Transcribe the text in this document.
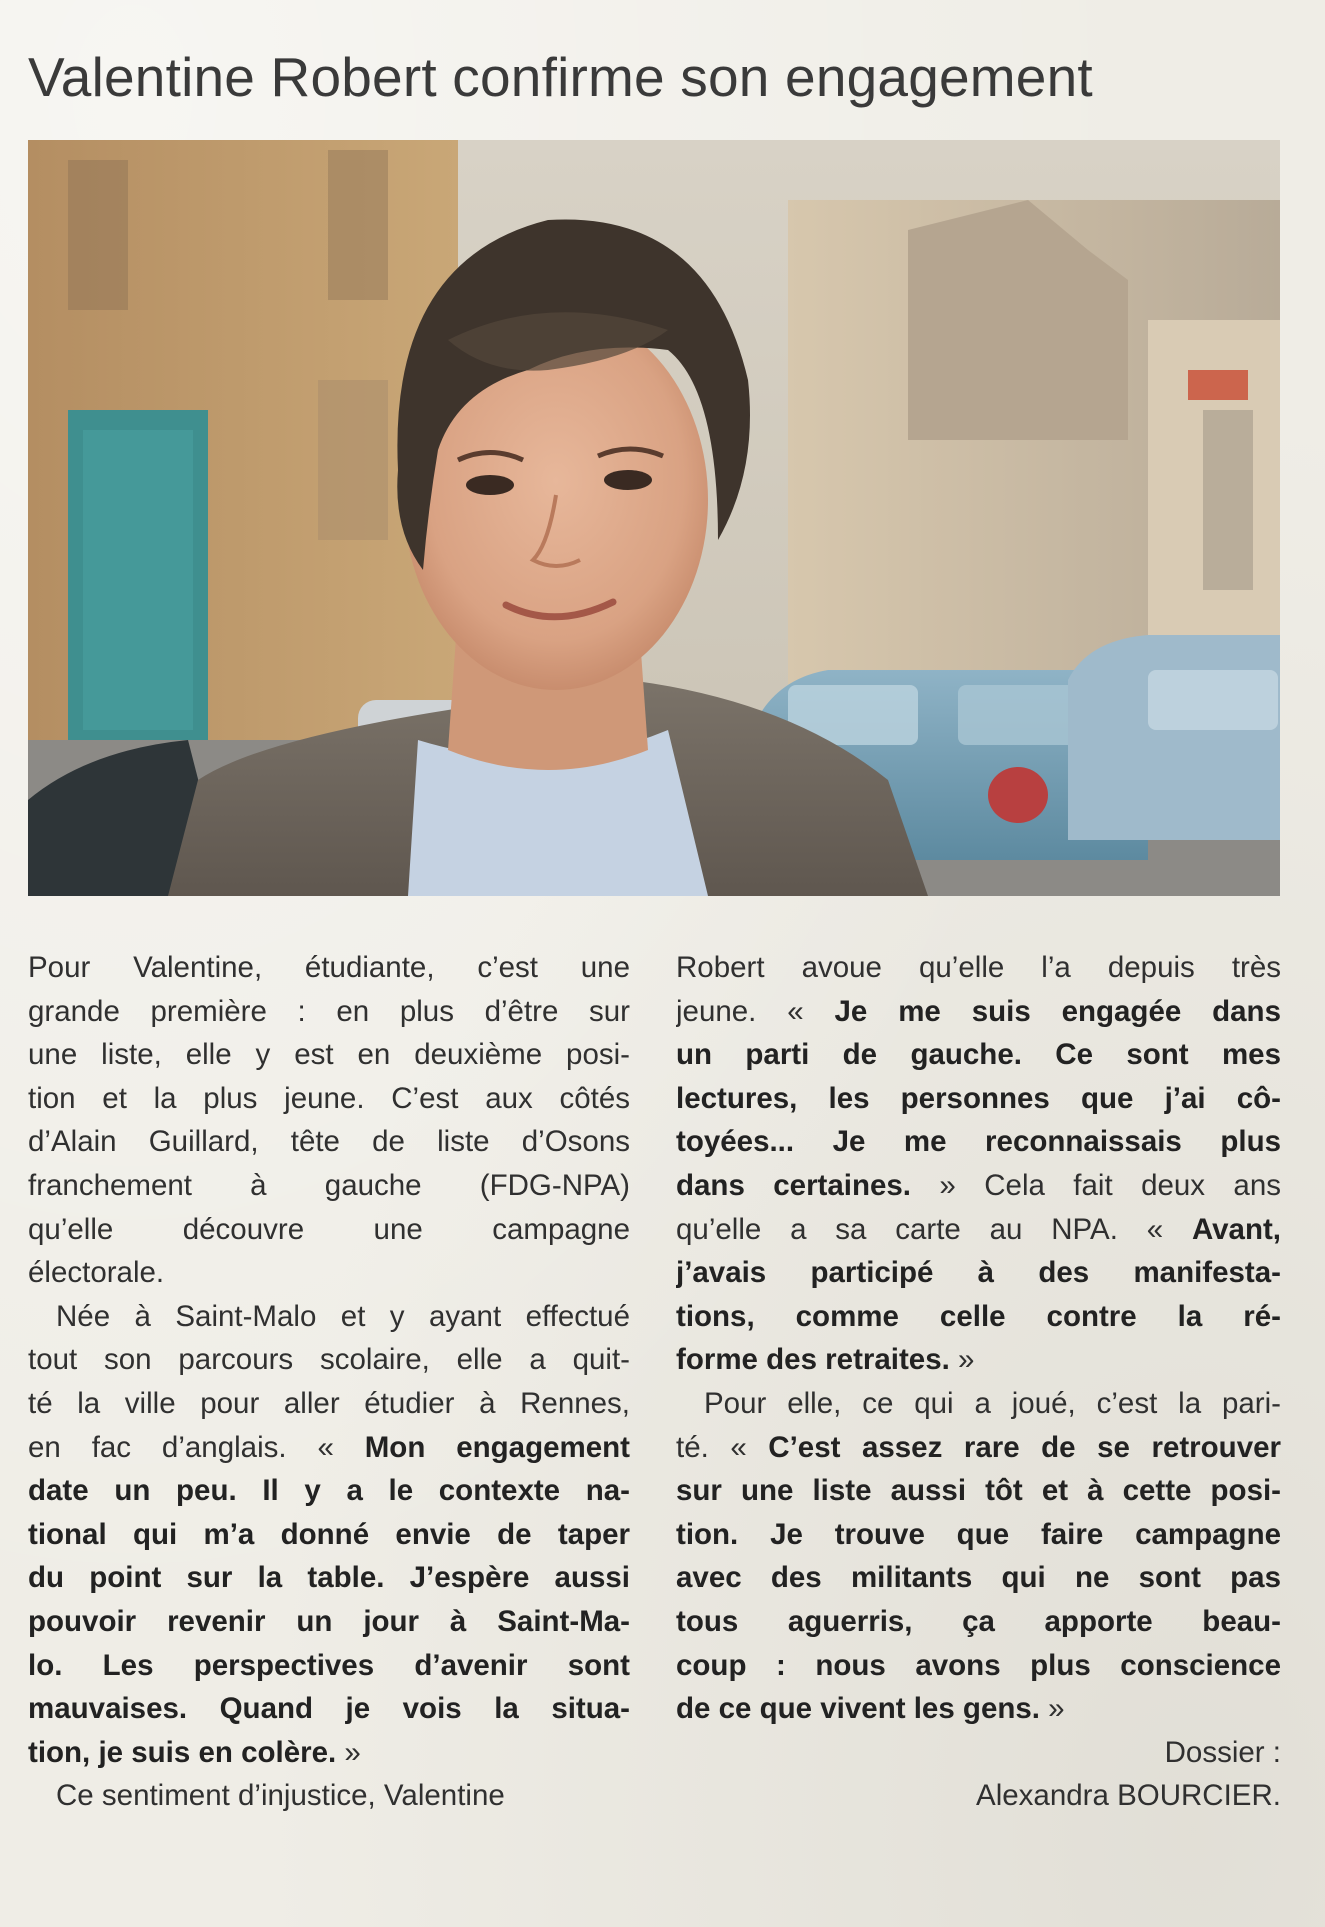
Valentine Robert confirme son engagement
Pour Valentine, étudiante, c’est une
grande première : en plus d’être sur
une liste, elle y est en deuxième posi-
tion et la plus jeune. C’est aux côtés
d’Alain Guillard, tête de liste d’Osons
franchement à gauche (FDG-NPA)
qu’elle découvre une campagne
électorale.
Née à Saint-Malo et y ayant effectué
tout son parcours scolaire, elle a quit-
té la ville pour aller étudier à Rennes,
en fac d’anglais. « Mon engagement
date un peu. Il y a le contexte na-
tional qui m’a donné envie de taper
du point sur la table. J’espère aussi
pouvoir revenir un jour à Saint-Ma-
lo. Les perspectives d’avenir sont
mauvaises. Quand je vois la situa-
tion, je suis en colère. »
Ce sentiment d’injustice, Valentine
Robert avoue qu’elle l’a depuis très
jeune. « Je me suis engagée dans
un parti de gauche. Ce sont mes
lectures, les personnes que j’ai cô-
toyées... Je me reconnaissais plus
dans certaines. » Cela fait deux ans
qu’elle a sa carte au NPA. « Avant,
j’avais participé à des manifesta-
tions, comme celle contre la ré-
forme des retraites. »
Pour elle, ce qui a joué, c’est la pari-
té. « C’est assez rare de se retrouver
sur une liste aussi tôt et à cette posi-
tion. Je trouve que faire campagne
avec des militants qui ne sont pas
tous aguerris, ça apporte beau-
coup : nous avons plus conscience
de ce que vivent les gens. »
Dossier :
Alexandra BOURCIER.
